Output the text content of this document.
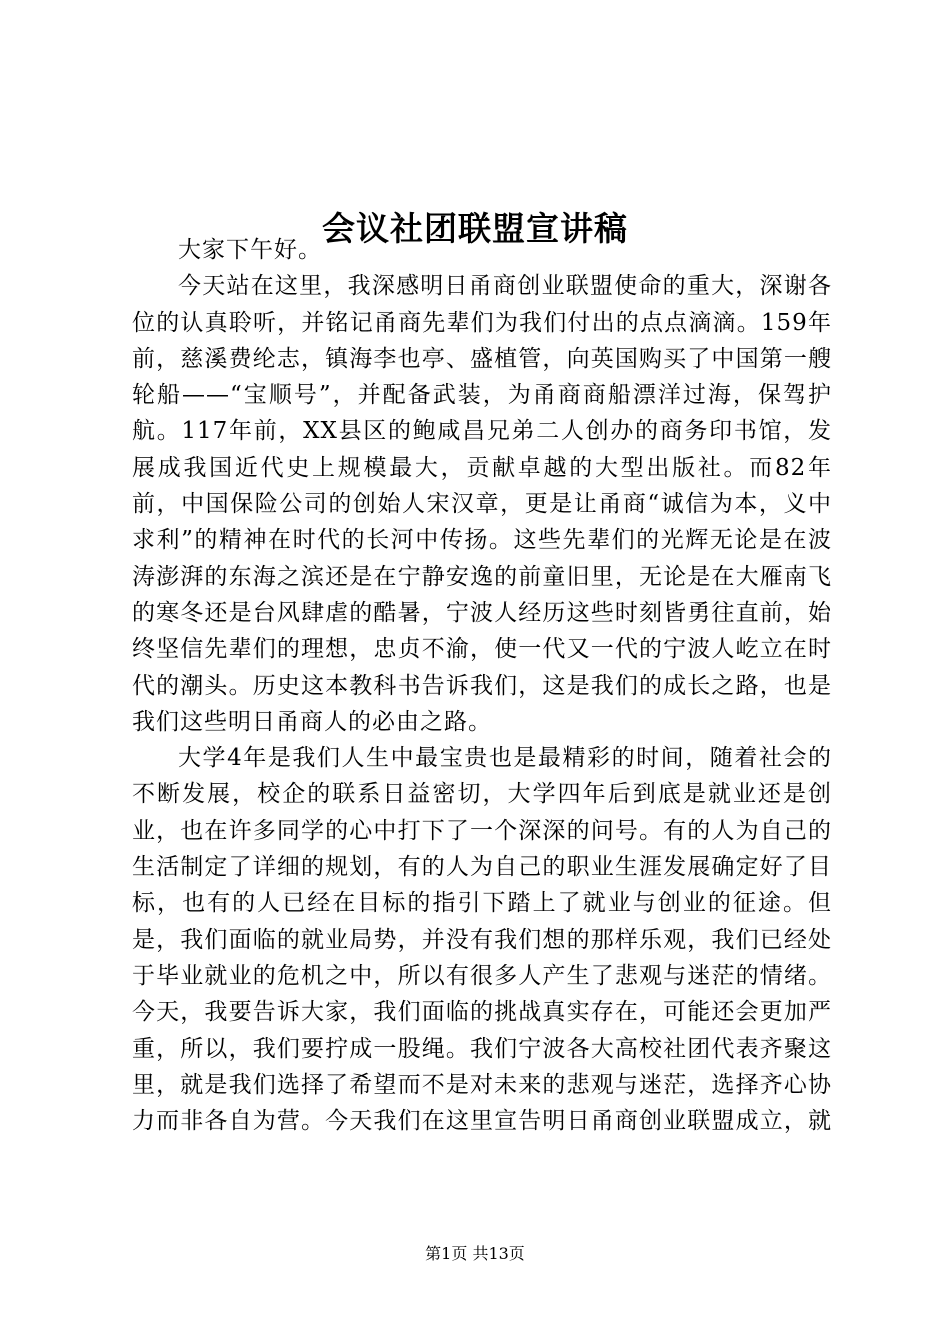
会议社团联盟宣讲稿

大家下午好。

今天站在这里，我深感明日甬商创业联盟使命的重大，深谢各位的认真聆听，并铭记甬商先辈们为我们付出的点点滴滴。159年前，慈溪费纶志，镇海李也亭、盛植管，向英国购买了中国第一艘轮船——“宝顺号”，并配备武装，为甬商商船漂洋过海，保驾护航。117年前，XX县区的鲍咸昌兄弟二人创办的商务印书馆，发展成我国近代史上规模最大，贡献卓越的大型出版社。而82年前，中国保险公司的创始人宋汉章，更是让甬商“诚信为本，义中求利”的精神在时代的长河中传扬。这些先辈们的光辉无论是在波涛澎湃的东海之滨还是在宁静安逸的前童旧里，无论是在大雁南飞的寒冬还是台风肆虐的酷暑，宁波人经历这些时刻皆勇往直前，始终坚信先辈们的理想，忠贞不渝，使一代又一代的宁波人屹立在时代的潮头。历史这本教科书告诉我们，这是我们的成长之路，也是我们这些明日甬商人的必由之路。

大学4年是我们人生中最宝贵也是最精彩的时间，随着社会的不断发展，校企的联系日益密切，大学四年后到底是就业还是创业，也在许多同学的心中打下了一个深深的问号。有的人为自己的生活制定了详细的规划，有的人为自己的职业生涯发展确定好了目标，也有的人已经在目标的指引下踏上了就业与创业的征途。但是，我们面临的就业局势，并没有我们想的那样乐观，我们已经处于毕业就业的危机之中，所以有很多人产生了悲观与迷茫的情绪。今天，我要告诉大家，我们面临的挑战真实存在，可能还会更加严重，所以，我们要拧成一股绳。我们宁波各大高校社团代表齐聚这里，就是我们选择了希望而不是对未来的悲观与迷茫，选择齐心协力而非各自为营。今天我们在这里宣告明日甬商创业联盟成立，就

第1页 共13页
